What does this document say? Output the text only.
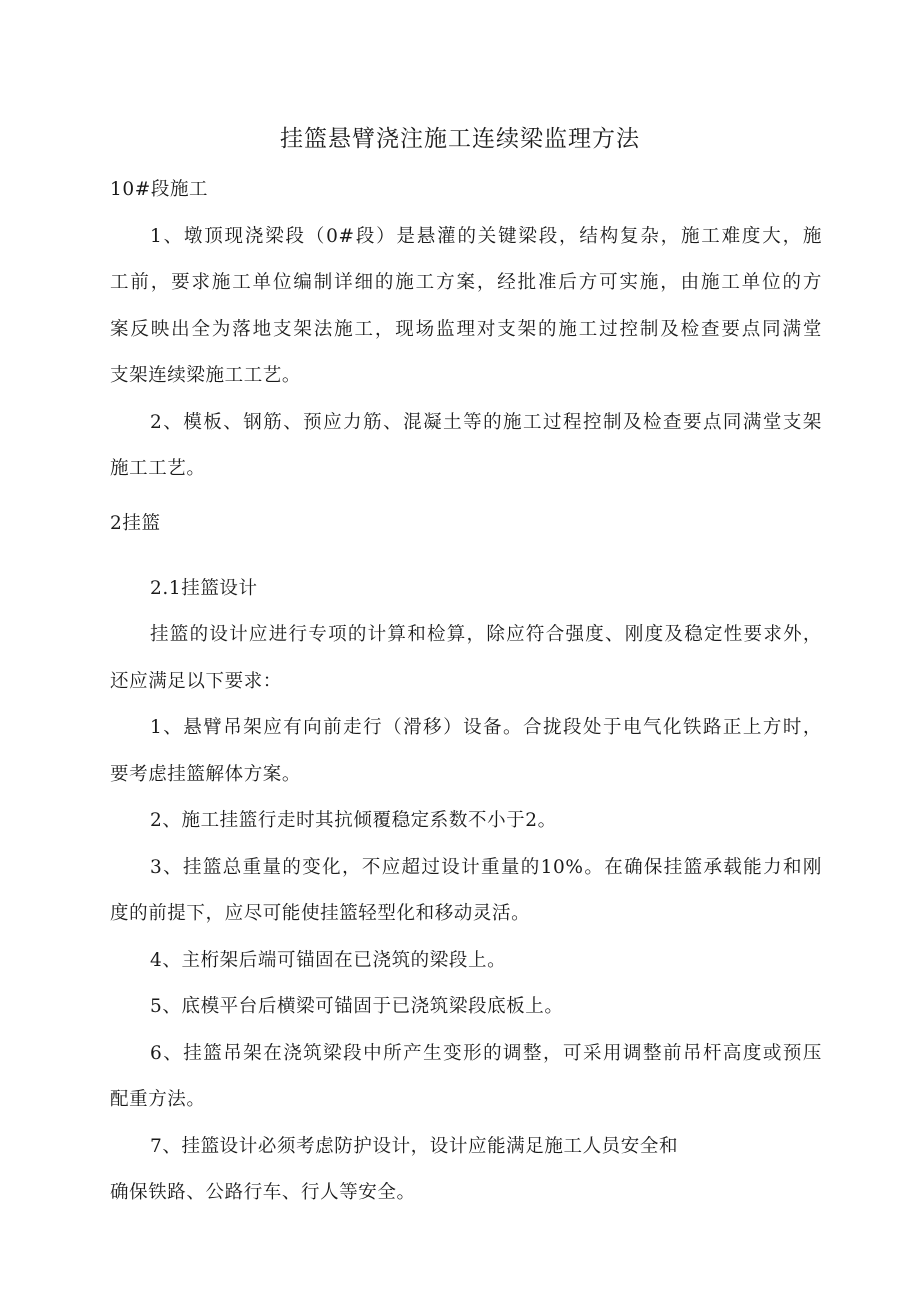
挂篮悬臂浇注施工连续梁监理方法
10#段施工
1、墩顶现浇梁段（0#段）是悬灌的关键梁段，结构复杂，施工难度大，施
工前，要求施工单位编制详细的施工方案，经批准后方可实施，由施工单位的方
案反映出全为落地支架法施工，现场监理对支架的施工过控制及检查要点同满堂
支架连续梁施工工艺。
2、模板、钢筋、预应力筋、混凝土等的施工过程控制及检查要点同满堂支架
施工工艺。
2挂篮
2.1挂篮设计
挂篮的设计应进行专项的计算和检算，除应符合强度、刚度及稳定性要求外，
还应满足以下要求：
1、悬臂吊架应有向前走行（滑移）设备。合拢段处于电气化铁路正上方时，
要考虑挂篮解体方案。
2、施工挂篮行走时其抗倾覆稳定系数不小于2。
3、挂篮总重量的变化，不应超过设计重量的10%。在确保挂篮承载能力和刚
度的前提下，应尽可能使挂篮轻型化和移动灵活。
4、主桁架后端可锚固在已浇筑的梁段上。
5、底模平台后横梁可锚固于已浇筑梁段底板上。
6、挂篮吊架在浇筑梁段中所产生变形的调整，可采用调整前吊杆高度或预压
配重方法。
7、挂篮设计必须考虑防护设计，设计应能满足施工人员安全和
确保铁路、公路行车、行人等安全。
